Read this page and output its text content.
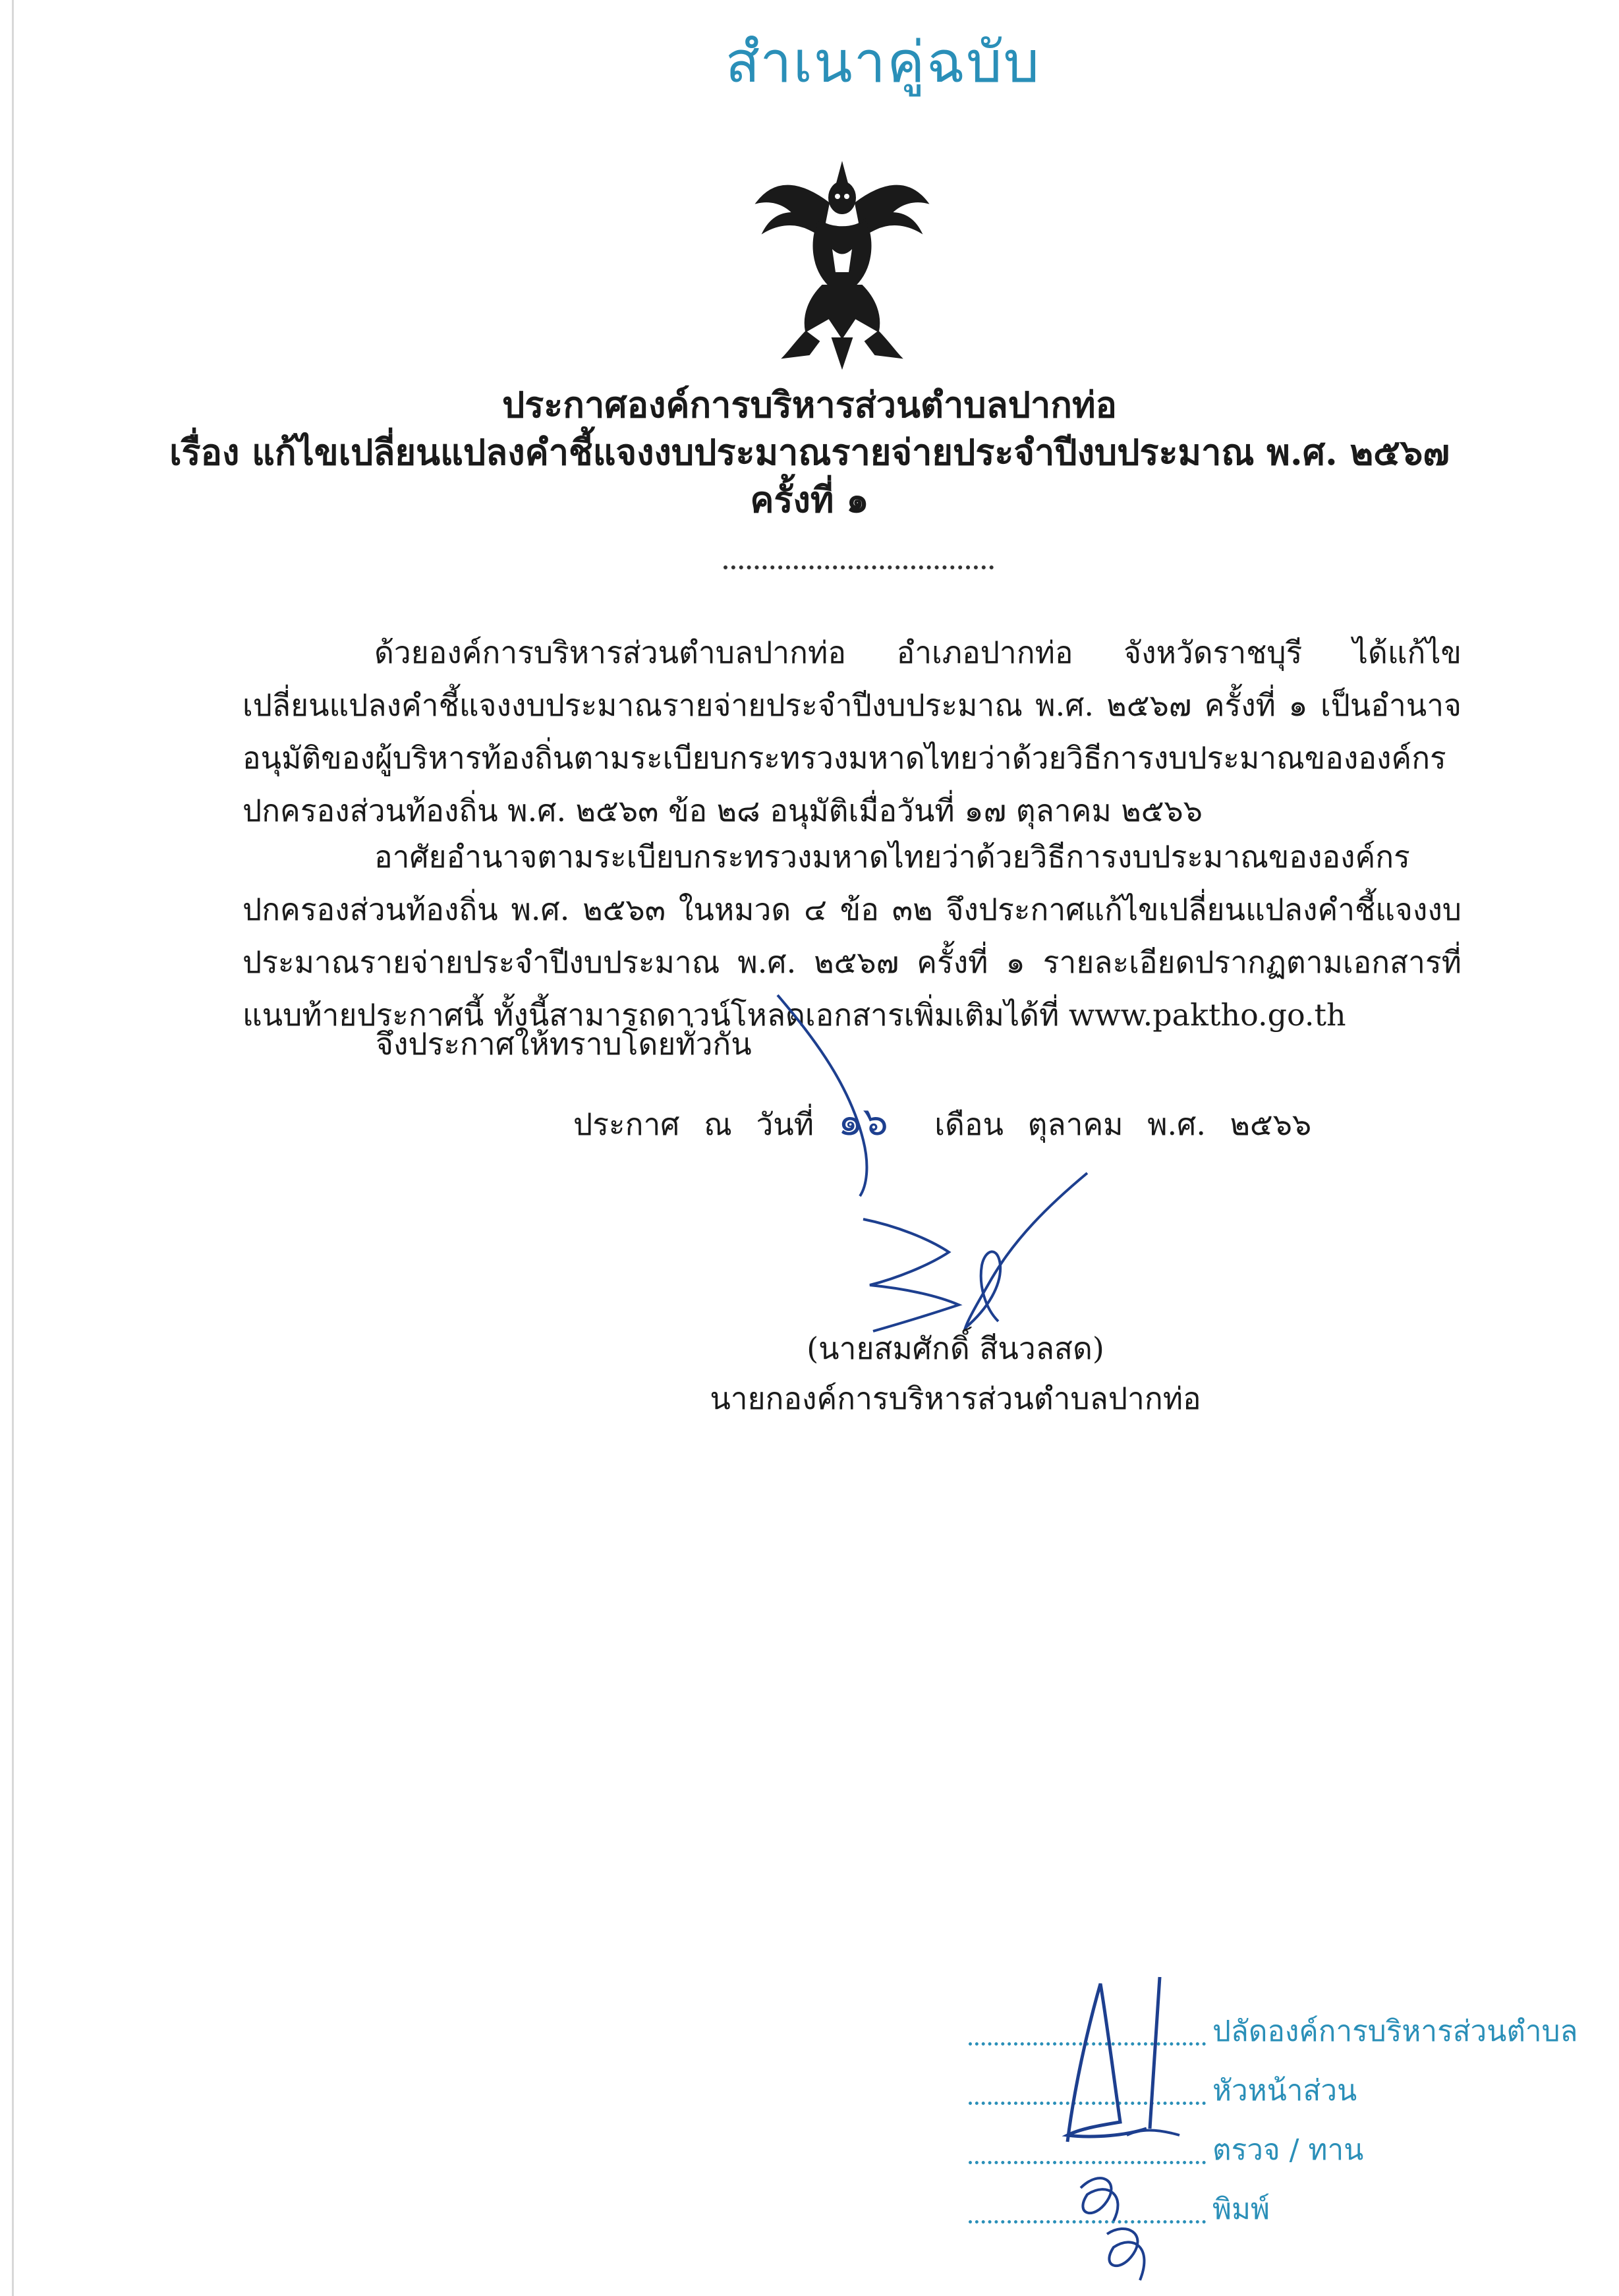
สำเนาคู่ฉบับ
ประกาศองค์การบริหารส่วนตำบลปากท่อ
เรื่อง แก้ไขเปลี่ยนแปลงคำชี้แจงงบประมาณรายจ่ายประจำปีงบประมาณ พ.ศ. ๒๕๖๗
ครั้งที่ ๑
ด้วยองค์การบริหารส่วนตำบลปากท่อ อำเภอปากท่อ จังหวัดราชบุรี ได้แก้ไขเปลี่ยนแปลงคำชี้แจงงบประมาณรายจ่ายประจำปีงบประมาณ พ.ศ. ๒๕๖๗ ครั้งที่ ๑ เป็นอำนาจอนุมัติของผู้บริหารท้องถิ่นตามระเบียบกระทรวงมหาดไทยว่าด้วยวิธีการงบประมาณขององค์กรปกครองส่วนท้องถิ่น พ.ศ. ๒๕๖๓ ข้อ ๒๘ อนุมัติเมื่อวันที่ ๑๗ ตุลาคม ๒๕๖๖
อาศัยอำนาจตามระเบียบกระทรวงมหาดไทยว่าด้วยวิธีการงบประมาณขององค์กรปกครองส่วนท้องถิ่น พ.ศ. ๒๕๖๓ ในหมวด ๔ ข้อ ๓๒ จึงประกาศแก้ไขเปลี่ยนแปลงคำชี้แจงงบประมาณรายจ่ายประจำปีงบประมาณ พ.ศ. ๒๕๖๗ ครั้งที่ ๑ รายละเอียดปรากฏตามเอกสารที่แนบท้ายประกาศนี้ ทั้งนี้สามารถดาวน์โหลดเอกสารเพิ่มเติมได้ที่ www.paktho.go.th
จึงประกาศให้ทราบโดยทั่วกัน
ประกาศ ณ วันที่ ๑๖ เดือน ตุลาคม พ.ศ. ๒๕๖๖
(นายสมศักดิ์ สีนวลสด)
นายกองค์การบริหารส่วนตำบลปากท่อ
ปลัดองค์การบริหารส่วนตำบล
หัวหน้าส่วน
ตรวจ / ทาน
พิมพ์
